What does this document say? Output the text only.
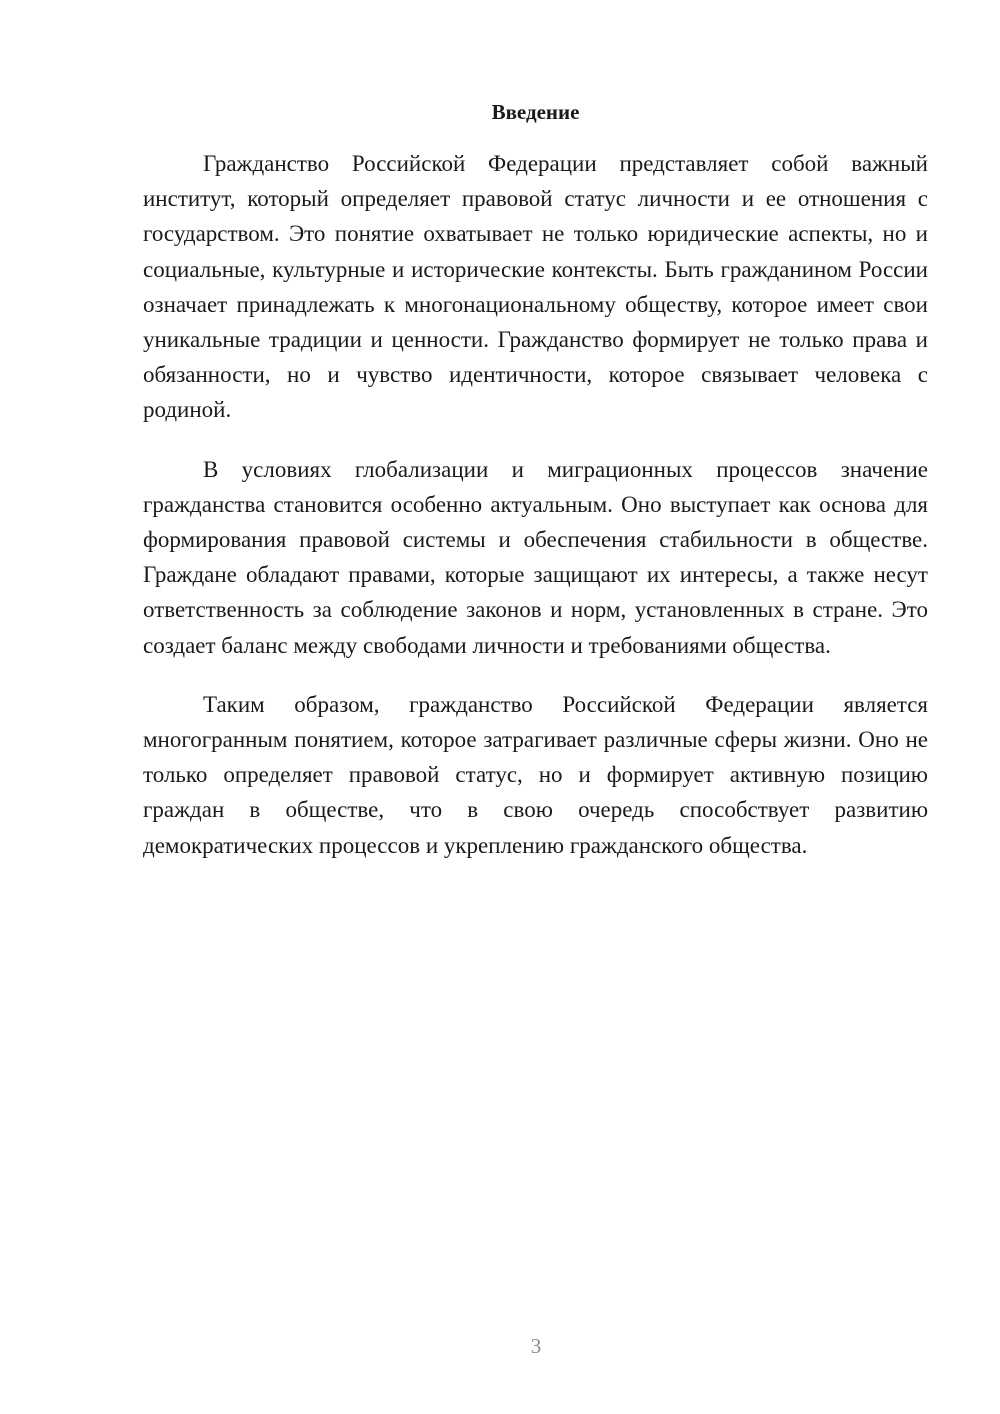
Введение

Гражданство Российской Федерации представляет собой важный институт, который определяет правовой статус личности и ее отношения с государством. Это понятие охватывает не только юридические аспекты, но и социальные, культурные и исторические контексты. Быть гражданином России означает принадлежать к многонациональному обществу, которое имеет свои уникальные традиции и ценности. Гражданство формирует не только права и обязанности, но и чувство идентичности, которое связывает человека с родиной.

В условиях глобализации и миграционных процессов значение гражданства становится особенно актуальным. Оно выступает как основа для формирования правовой системы и обеспечения стабильности в обществе. Граждане обладают правами, которые защищают их интересы, а также несут ответственность за соблюдение законов и норм, установленных в стране. Это создает баланс между свободами личности и требованиями общества.

Таким образом, гражданство Российской Федерации является многогранным понятием, которое затрагивает различные сферы жизни. Оно не только определяет правовой статус, но и формирует активную позицию граждан в обществе, что в свою очередь способствует развитию демократических процессов и укреплению гражданского общества.

3
